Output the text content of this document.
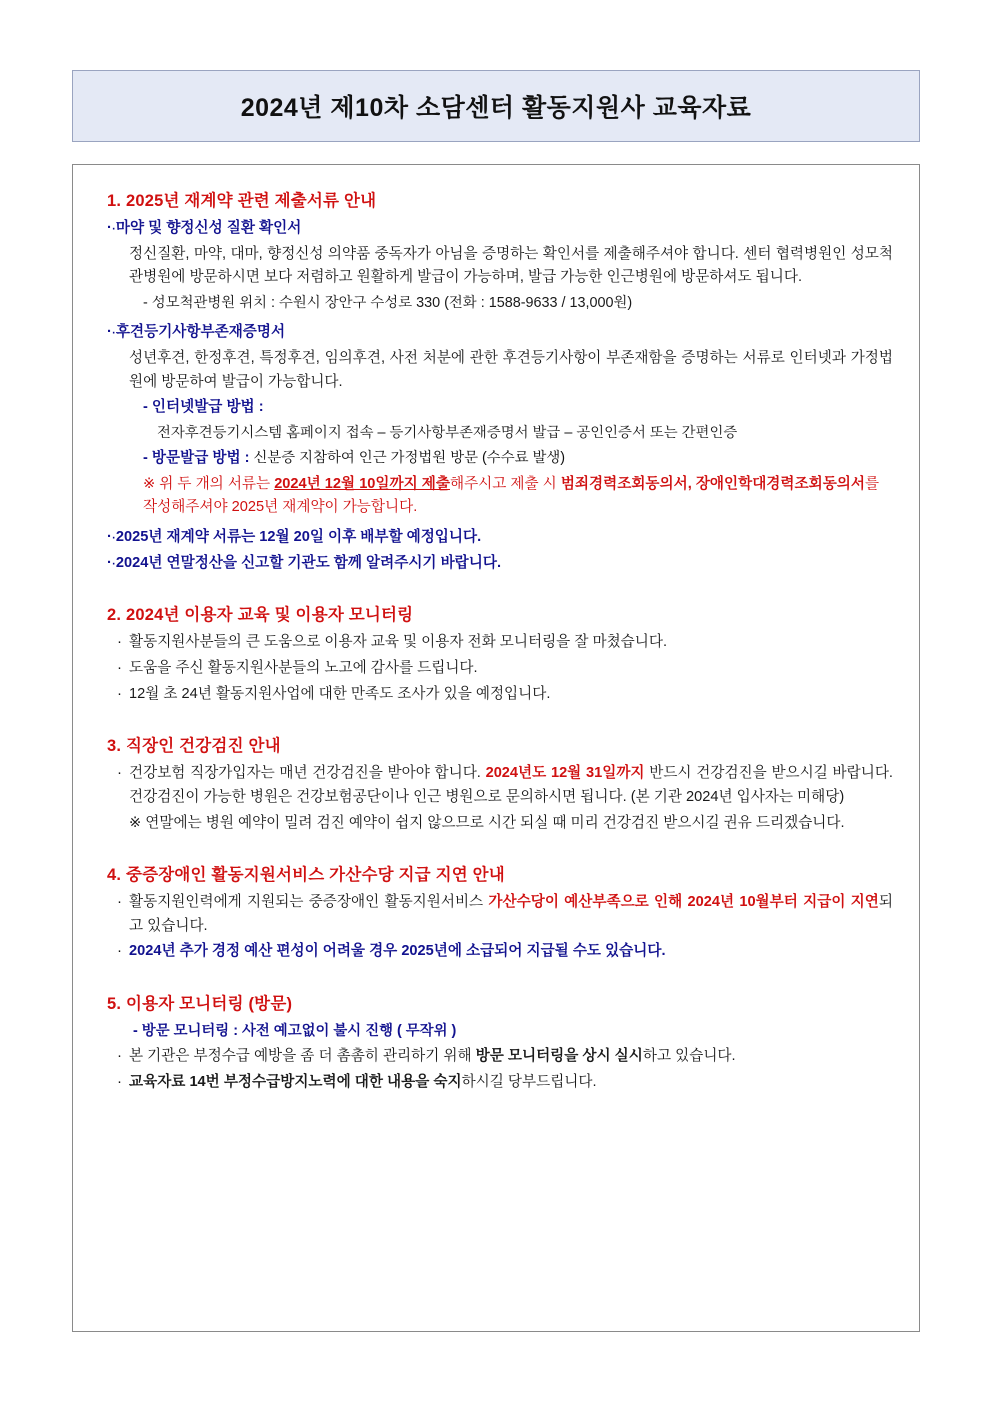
2024년 제10차 소담센터 활동지원사 교육자료
1. 2025년 재계약 관련 제출서류 안내
· · 마약 및 향정신성 질환 확인서
정신질환, 마약, 대마, 향정신성 의약품 중독자가 아님을 증명하는 확인서를 제출해주셔야 합니다. 센터 협력병원인 성모척관병원에 방문하시면 보다 저렴하고 원활하게 발급이 가능하며, 발급 가능한 인근병원에 방문하셔도 됩니다.
- 성모척관병원 위치 : 수원시 장안구 수성로 330 (전화 : 1588-9633 / 13,000원)
· · 후견등기사항부존재증명서
성년후견, 한정후견, 특정후견, 임의후견, 사전 처분에 관한 후견등기사항이 부존재함을 증명하는 서류로 인터넷과 가정법원에 방문하여 발급이 가능합니다.
- 인터넷발급 방법 :
전자후견등기시스템 홈페이지 접속 – 등기사항부존재증명서 발급 – 공인인증서 또는 간편인증
- 방문발급 방법 : 신분증 지참하여 인근 가정법원 방문 (수수료 발생)
※ 위 두 개의 서류는 2024년 12월 10일까지 제출해주시고 제출 시 범죄경력조회동의서, 장애인학대경력조회동의서를 작성해주셔야 2025년 재계약이 가능합니다.
· · 2025년 재계약 서류는 12월 20일 이후 배부할 예정입니다.
· · 2024년 연말정산을 신고할 기관도 함께 알려주시기 바랍니다.
2. 2024년 이용자 교육 및 이용자 모니터링
· 활동지원사분들의 큰 도움으로 이용자 교육 및 이용자 전화 모니터링을 잘 마쳤습니다.
· 도움을 주신 활동지원사분들의 노고에 감사를 드립니다.
· 12월 초 24년 활동지원사업에 대한 만족도 조사가 있을 예정입니다.
3. 직장인 건강검진 안내
· 건강보험 직장가입자는 매년 건강검진을 받아야 합니다. 2024년도 12월 31일까지 반드시 건강검진을 받으시길 바랍니다. 건강검진이 가능한 병원은 건강보험공단이나 인근 병원으로 문의하시면 됩니다. (본 기관 2024년 입사자는 미해당)
※ 연말에는 병원 예약이 밀려 검진 예약이 쉽지 않으므로 시간 되실 때 미리 건강검진 받으시길 권유 드리겠습니다.
4. 중증장애인 활동지원서비스 가산수당 지급 지연 안내
· 활동지원인력에게 지원되는 중증장애인 활동지원서비스 가산수당이 예산부족으로 인해 2024년 10월부터 지급이 지연되고 있습니다.
· 2024년 추가 경정 예산 편성이 어려울 경우 2025년에 소급되어 지급될 수도 있습니다.
5. 이용자 모니터링 (방문)
- 방문 모니터링 : 사전 예고없이 불시 진행 ( 무작위 )
· 본 기관은 부정수급 예방을 좀 더 촘촘히 관리하기 위해 방문 모니터링을 상시 실시하고 있습니다.
· 교육자료 14번 부정수급방지노력에 대한 내용을 숙지하시길 당부드립니다.
